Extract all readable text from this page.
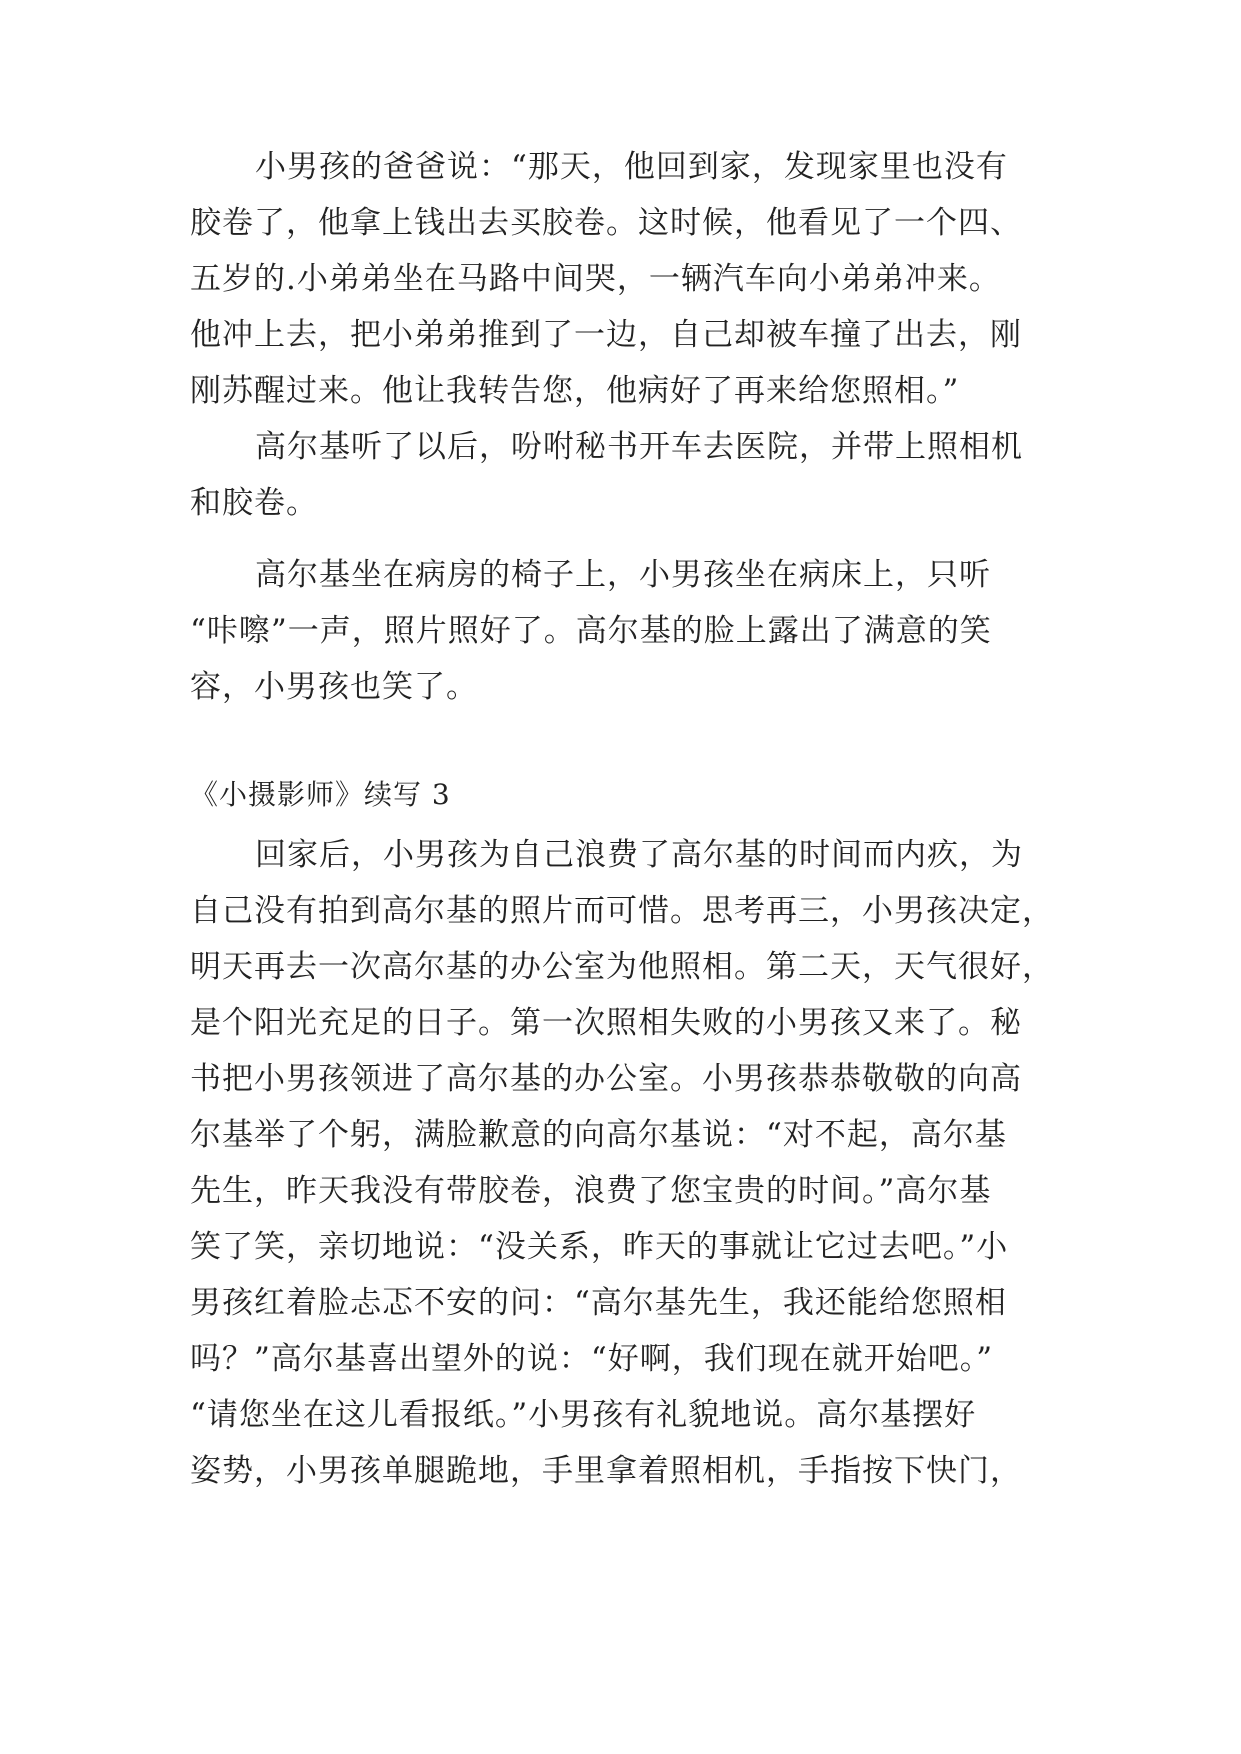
小男孩的爸爸说：“那天，他回到家，发现家里也没有
胶卷了，他拿上钱出去买胶卷。这时候，他看见了一个四、
五岁的.小弟弟坐在马路中间哭，一辆汽车向小弟弟冲来。
他冲上去，把小弟弟推到了一边，自己却被车撞了出去，刚
刚苏醒过来。他让我转告您，他病好了再来给您照相。”
高尔基听了以后，吩咐秘书开车去医院，并带上照相机
和胶卷。
高尔基坐在病房的椅子上，小男孩坐在病床上，只听
“咔嚓”一声，照片照好了。高尔基的脸上露出了满意的笑
容，小男孩也笑了。
《小摄影师》续写 3
回家后，小男孩为自己浪费了高尔基的时间而内疚，为
自己没有拍到高尔基的照片而可惜。思考再三，小男孩决定，
明天再去一次高尔基的办公室为他照相。第二天，天气很好，
是个阳光充足的日子。第一次照相失败的小男孩又来了。秘
书把小男孩领进了高尔基的办公室。小男孩恭恭敬敬的向高
尔基举了个躬，满脸歉意的向高尔基说：“对不起，高尔基
先生，昨天我没有带胶卷，浪费了您宝贵的时间。”高尔基
笑了笑，亲切地说：“没关系，昨天的事就让它过去吧。”小
男孩红着脸忐忑不安的问：“高尔基先生，我还能给您照相
吗？”高尔基喜出望外的说：“好啊，我们现在就开始吧。”
“请您坐在这儿看报纸。”小男孩有礼貌地说。高尔基摆好
姿势，小男孩单腿跪地，手里拿着照相机，手指按下快门，
